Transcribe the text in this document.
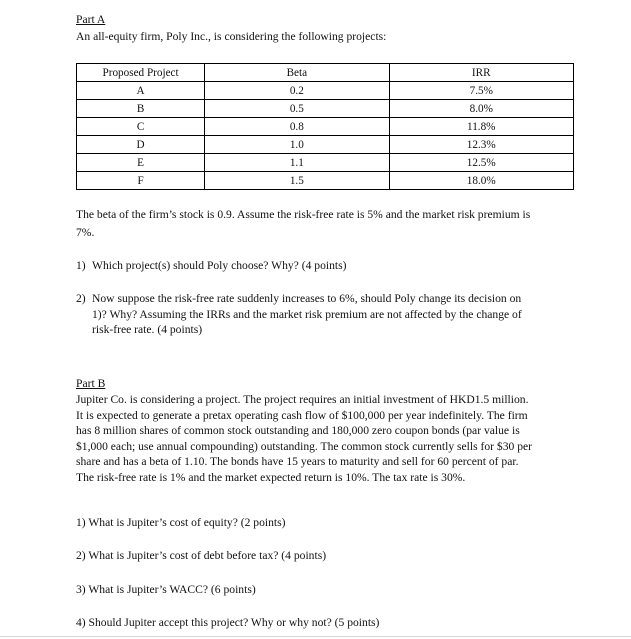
Part A
An all-equity firm, Poly Inc., is considering the following projects:
Proposed Project	Beta	IRR
A	0.2	7.5%
B	0.5	8.0%
C	0.8	11.8%
D	1.0	12.3%
E	1.1	12.5%
F	1.5	18.0%
The beta of the firm’s stock is 0.9. Assume the risk-free rate is 5% and the market risk premium is
7%.
1) Which project(s) should Poly choose? Why? (4 points)
2) Now suppose the risk-free rate suddenly increases to 6%, should Poly change its decision on
1)? Why? Assuming the IRRs and the market risk premium are not affected by the change of
risk-free rate. (4 points)
Part B
Jupiter Co. is considering a project. The project requires an initial investment of HKD1.5 million.
It is expected to generate a pretax operating cash flow of $100,000 per year indefinitely. The firm
has 8 million shares of common stock outstanding and 180,000 zero coupon bonds (par value is
$1,000 each; use annual compounding) outstanding. The common stock currently sells for $30 per
share and has a beta of 1.10. The bonds have 15 years to maturity and sell for 60 percent of par.
The risk-free rate is 1% and the market expected return is 10%. The tax rate is 30%.
1) What is Jupiter’s cost of equity? (2 points)
2) What is Jupiter’s cost of debt before tax? (4 points)
3) What is Jupiter’s WACC? (6 points)
4) Should Jupiter accept this project? Why or why not? (5 points)
